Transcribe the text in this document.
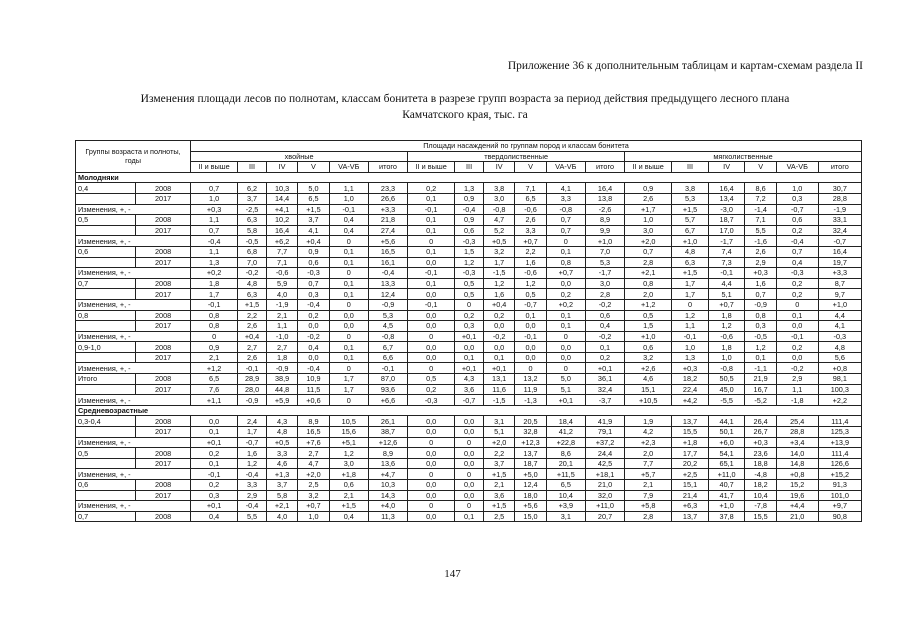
Приложение 36 к дополнительным таблицам и картам-схемам раздела II
Изменения площади лесов по полнотам, классам бонитета в разрезе групп возраста за период действия предыдущего лесного плана
Камчатского края, тыс. га
Группы возраста и полноты, годы		Площади насаждений по группам пород и классам бонитета																	
		хвойные						твердолиственные						мягколиственные					
		II и выше	III	IV	V	VA-VБ	итого	II и выше	III	IV	V	VA-VБ	итого	II и выше	III	IV	V	VA-VБ	итого
Молодняки																			
0,4	2008	0,7	6,2	10,3	5,0	1,1	23,3	0,2	1,3	3,8	7,1	4,1	16,4	0,9	3,8	16,4	8,6	1,0	30,7
	2017	1,0	3,7	14,4	6,5	1,0	26,6	0,1	0,9	3,0	6,5	3,3	13,8	2,6	5,3	13,4	7,2	0,3	28,8
Изменения, +, -		+0,3	-2,5	+4,1	+1,5	-0,1	+3,3	-0,1	-0,4	-0,8	-0,6	-0,8	-2,6	+1,7	+1,5	-3,0	-1,4	-0,7	-1,9
0,5	2008	1,1	6,3	10,2	3,7	0,4	21,8	0,1	0,9	4,7	2,6	0,7	8,9	1,0	5,7	18,7	7,1	0,6	33,1
	2017	0,7	5,8	16,4	4,1	0,4	27,4	0,1	0,6	5,2	3,3	0,7	9,9	3,0	6,7	17,0	5,5	0,2	32,4
Изменения, +, -		-0,4	-0,5	+6,2	+0,4	0	+5,6	0	-0,3	+0,5	+0,7	0	+1,0	+2,0	+1,0	-1,7	-1,6	-0,4	-0,7
0,6	2008	1,1	6,8	7,7	0,9	0,1	16,5	0,1	1,5	3,2	2,2	0,1	7,0	0,7	4,8	7,4	2,6	0,7	16,4
	2017	1,3	7,0	7,1	0,6	0,1	16,1	0,0	1,2	1,7	1,6	0,8	5,3	2,8	6,3	7,3	2,9	0,4	19,7
Изменения, +, -		+0,2	-0,2	-0,6	-0,3	0	-0,4	-0,1	-0,3	-1,5	-0,6	+0,7	-1,7	+2,1	+1,5	-0,1	+0,3	-0,3	+3,3
0,7	2008	1,8	4,8	5,9	0,7	0,1	13,3	0,1	0,5	1,2	1,2	0,0	3,0	0,8	1,7	4,4	1,6	0,2	8,7
	2017	1,7	6,3	4,0	0,3	0,1	12,4	0,0	0,5	1,6	0,5	0,2	2,8	2,0	1,7	5,1	0,7	0,2	9,7
Изменения, +, -		-0,1	+1,5	-1,9	-0,4	0	-0,9	-0,1	0	+0,4	-0,7	+0,2	-0,2	+1,2	0	+0,7	-0,9	0	+1,0
0,8	2008	0,8	2,2	2,1	0,2	0,0	5,3	0,0	0,2	0,2	0,1	0,1	0,6	0,5	1,2	1,8	0,8	0,1	4,4
	2017	0,8	2,6	1,1	0,0	0,0	4,5	0,0	0,3	0,0	0,0	0,1	0,4	1,5	1,1	1,2	0,3	0,0	4,1
Изменения, +, -		0	+0,4	-1,0	-0,2	0	-0,8	0	+0,1	-0,2	-0,1	0	-0,2	+1,0	-0,1	-0,6	-0,5	-0,1	-0,3
0,9-1,0	2008	0,9	2,7	2,7	0,4	0,1	6,7	0,0	0,0	0,0	0,0	0,0	0,1	0,6	1,0	1,8	1,2	0,2	4,8
	2017	2,1	2,6	1,8	0,0	0,1	6,6	0,0	0,1	0,1	0,0	0,0	0,2	3,2	1,3	1,0	0,1	0,0	5,6
Изменения, +, -		+1,2	-0,1	-0,9	-0,4	0	-0,1	0	+0,1	+0,1	0	0	+0,1	+2,6	+0,3	-0,8	-1,1	-0,2	+0,8
Итого	2008	6,5	28,9	38,9	10,9	1,7	87,0	0,5	4,3	13,1	13,2	5,0	36,1	4,6	18,2	50,5	21,9	2,9	98,1
	2017	7,6	28,0	44,8	11,5	1,7	93,6	0,2	3,6	11,6	11,9	5,1	32,4	15,1	22,4	45,0	16,7	1,1	100,3
Изменения, +, -		+1,1	-0,9	+5,9	+0,6	0	+6,6	-0,3	-0,7	-1,5	-1,3	+0,1	-3,7	+10,5	+4,2	-5,5	-5,2	-1,8	+2,2
Средневозрастные																			
0,3-0,4	2008	0,0	2,4	4,3	8,9	10,5	26,1	0,0	0,0	3,1	20,5	18,4	41,9	1,9	13,7	44,1	26,4	25,4	111,4
	2017	0,1	1,7	4,8	16,5	15,6	38,7	0,0	0,0	5,1	32,8	41,2	79,1	4,2	15,5	50,1	26,7	28,8	125,3
Изменения, +, -		+0,1	-0,7	+0,5	+7,6	+5,1	+12,6	0	0	+2,0	+12,3	+22,8	+37,2	+2,3	+1,8	+6,0	+0,3	+3,4	+13,9
0,5	2008	0,2	1,6	3,3	2,7	1,2	8,9	0,0	0,0	2,2	13,7	8,6	24,4	2,0	17,7	54,1	23,6	14,0	111,4
	2017	0,1	1,2	4,6	4,7	3,0	13,6	0,0	0,0	3,7	18,7	20,1	42,5	7,7	20,2	65,1	18,8	14,8	126,6
Изменения, +, -		-0,1	-0,4	+1,3	+2,0	+1,8	+4,7	0	0	+1,5	+5,0	+11,5	+18,1	+5,7	+2,5	+11,0	-4,8	+0,8	+15,2
0,6	2008	0,2	3,3	3,7	2,5	0,6	10,3	0,0	0,0	2,1	12,4	6,5	21,0	2,1	15,1	40,7	18,2	15,2	91,3
	2017	0,3	2,9	5,8	3,2	2,1	14,3	0,0	0,0	3,6	18,0	10,4	32,0	7,9	21,4	41,7	10,4	19,6	101,0
Изменения, +, -		+0,1	-0,4	+2,1	+0,7	+1,5	+4,0	0	0	+1,5	+5,6	+3,9	+11,0	+5,8	+6,3	+1,0	-7,8	+4,4	+9,7
0,7	2008	0,4	5,5	4,0	1,0	0,4	11,3	0,0	0,1	2,5	15,0	3,1	20,7	2,8	13,7	37,8	15,5	21,0	90,8
147
